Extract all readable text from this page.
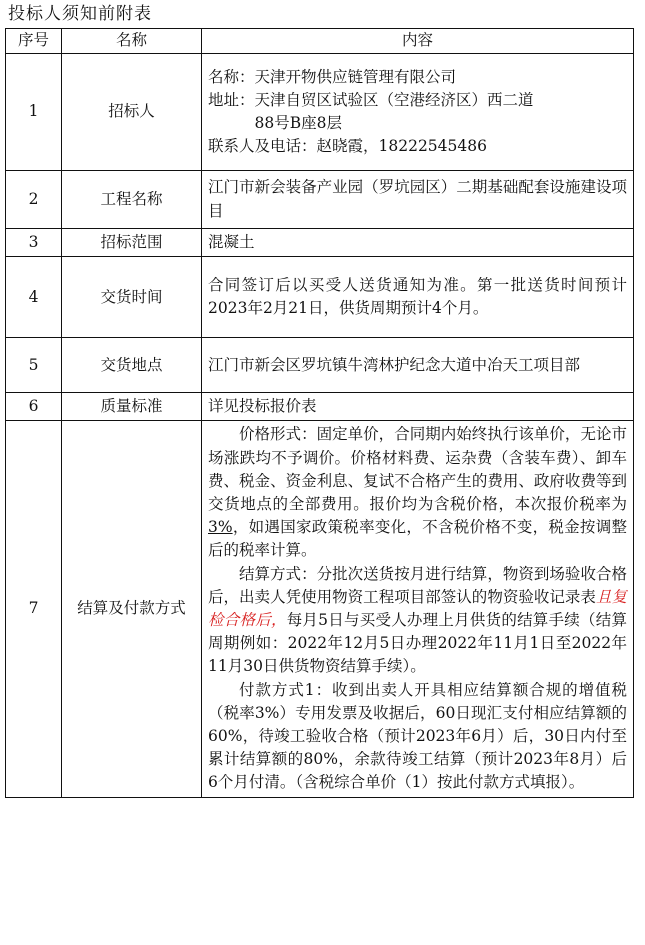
投标人须知前附表
序号	名称	内容
1	招标人	名称：天津开物供应链管理有限公司
地址：天津自贸区试验区（空港经济区）西二道
88号B座8层
联系人及电话：赵晓霞，18222545486

2	工程名称	江门市新会装备产业园（罗坑园区）二期基础配套设施建设项目
3	招标范围	混凝土
4	交货时间	合同签订后以买受人送货通知为准。第一批送货时间预计2023年2月21日，供货周期预计4个月。
5	交货地点	江门市新会区罗坑镇牛湾林护纪念大道中冶天工项目部
6	质量标准	详见投标报价表
7	结算及付款方式	价格形式：固定单价，合同期内始终执行该单价，无论市场涨跌均不予调价。价格材料费、运杂费（含装车费）、卸车费、税金、资金利息、复试不合格产生的费用、政府收费等到交货地点的全部费用。报价均为含税价格，本次报价税率为3%，如遇国家政策税率变化，不含税价格不变，税金按调整后的税率计算。
结算方式：分批次送货按月进行结算，物资到场验收合格后，出卖人凭使用物资工程项目部签认的物资验收记录表且复检合格后，每月5日与买受人办理上月供货的结算手续（结算周期例如：2022年12月5日办理2022年11月1日至2022年11月30日供货物资结算手续）。
付款方式1：收到出卖人开具相应结算额合规的增值税（税率3%）专用发票及收据后，60日现汇支付相应结算额的60%，待竣工验收合格（预计2023年6月）后，30日内付至累计结算额的80%，余款待竣工结算（预计2023年8月）后6个月付清。（含税综合单价（1）按此付款方式填报）。
